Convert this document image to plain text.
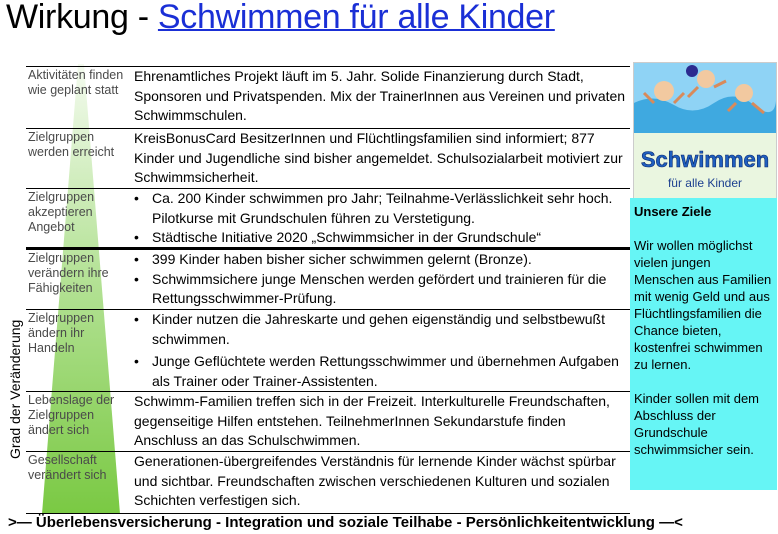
Wirkung - Schwimmen für alle Kinder
Grad der Veränderung
Aktivitäten finden wie geplant statt
Ehrenamtliches Projekt läuft im 5. Jahr. Solide Finanzierung durch Stadt, Sponsoren und Privatspenden. Mix der TrainerInnen aus Vereinen und privaten Schwimmschulen.
Zielgruppen werden erreicht
KreisBonusCard BesitzerInnen und Flüchtlingsfamilien sind informiert; 877 Kinder und Jugendliche sind bisher angemeldet. Schulsozialarbeit motiviert zur Schwimmsicherheit.
Zielgruppen akzeptieren Angebot
• Ca. 200 Kinder schwimmen pro Jahr; Teilnahme-Verlässlichkeit sehr hoch. Pilotkurse mit Grundschulen führen zu Verstetigung.
• Städtische Initiative 2020 „Schwimmsicher in der Grundschule“
Zielgruppen verändern ihre Fähigkeiten
• 399 Kinder haben bisher sicher schwimmen gelernt (Bronze).
• Schwimmsichere junge Menschen werden gefördert und trainieren für die Rettungsschwimmer-Prüfung.
Zielgruppen ändern ihr Handeln
• Kinder nutzen die Jahreskarte und gehen eigenständig und selbstbewußt schwimmen.
• Junge Geflüchtete werden Rettungsschwimmer und übernehmen Aufgaben als Trainer oder Trainer-Assistenten.
Lebenslage der Zielgruppen ändert sich
Schwimm-Familien treffen sich in der Freizeit. Interkulturelle Freundschaften, gegenseitige Hilfen entstehen. TeilnehmerInnen Sekundarstufe finden Anschluss an das Schulschwimmen.
Gesellschaft verändert sich
Generationen-übergreifendes Verständnis für lernende Kinder wächst spürbar und sichtbar. Freundschaften zwischen verschiedenen Kulturen und sozialen Schichten verfestigen sich.
Schwimmen
für alle Kinder
Unsere Ziele

Wir wollen möglichst vielen jungen Menschen aus Familien mit wenig Geld und aus Flüchtlingsfamilien die Chance bieten, kostenfrei schwimmen zu lernen.

Kinder sollen mit dem Abschluss der Grundschule schwimmsicher sein.

>— Überlebensversicherung - Integration und soziale Teilhabe - Persönlichkeitentwicklung —<
